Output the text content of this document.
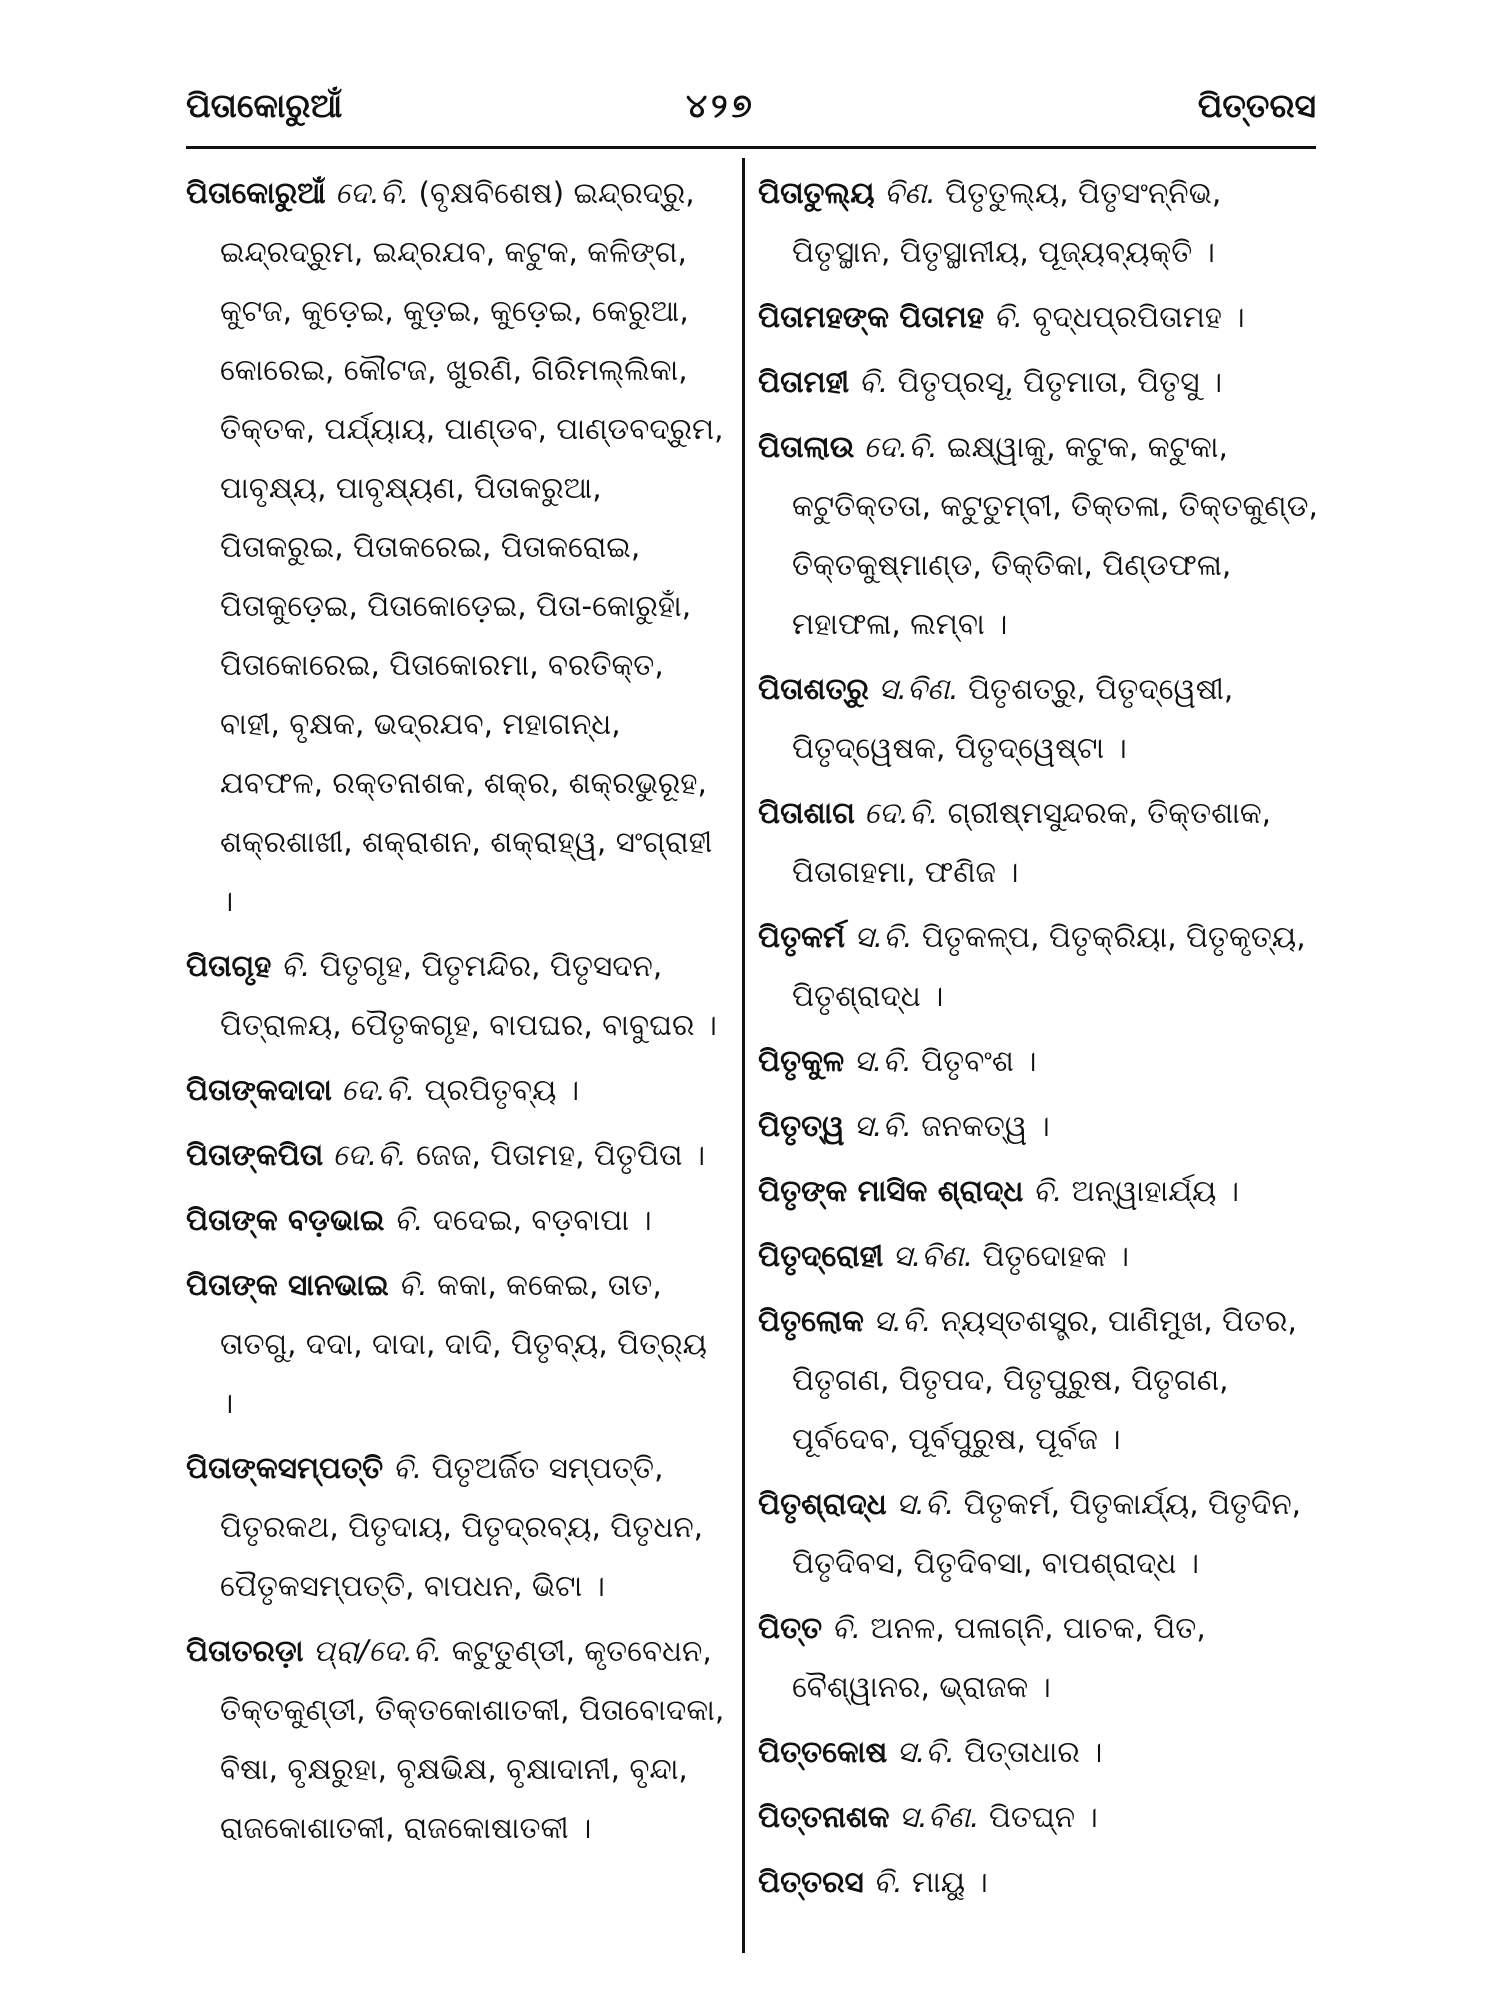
ପିତାକୋରୁଆଁ	୪୨୭	ପିତ୍ତରସ
ପିତାକୋରୁଆଁ ଦେ.ବି. (ବୃକ୍ଷବିଶେଷ) ଇନ୍ଦ୍ରଦ୍ରୁ, ଇନ୍ଦ୍ରଦ୍ରୁମ, ଇନ୍ଦ୍ରଯବ, କଟୁକ, କଳିଙ୍ଗ, କୁଟଜ, କୁଡ଼େଇ, କୁଡ଼ଇ, କୁଡ଼େଇ, କେରୁଆ, କୋରେଇ, କୌଟଜ, ଖୁରଣି, ଗିରିମଲ୍ଲିକା, ତିକ୍ତକ, ପର୍ଯ୍ୟାୟ, ପାଣ୍ଡବ, ପାଣ୍ଡବଦ୍ରୁମ, ପାବୃକ୍ଷ୍ୟ, ପାବୃକ୍ଷ୍ୟଣ, ପିତାକରୁଆ, ପିତାକରୁଇ, ପିତାକରେଇ, ପିତାକରୋଇ, ପିତାକୁଡ଼େଇ, ପିତାକୋଡ଼େଇ, ପିତା-କୋରୁହାଁ, ପିତାକୋରେଇ, ପିତାକୋରମା, ବରତିକ୍ତ, ବାହୀ, ବୃକ୍ଷକ, ଭଦ୍ରଯବ, ମହାଗନ୍ଧ, ଯବଫଳ, ରକ୍ତନାଶକ, ଶକ୍ର, ଶକ୍ରଭୁରୂହ, ଶକ୍ରଶାଖୀ, ଶକ୍ରାଶନ, ଶକ୍ରାହ୍ୱ, ସଂଗ୍ରାହୀ ।
ପିତାଗୃହ ବି. ପିତୃଗୃହ, ପିତୃମନ୍ଦିର, ପିତୃସଦନ, ପିତ୍ରାଳୟ, ପୈତୃକଗୃହ, ବାପଘର, ବାବୁଘର ।
ପିତାଙ୍କଦାଦା ଦେ.ବି. ପ୍ରପିତୃବ୍ୟ ।
ପିତାଙ୍କପିତା ଦେ.ବି. ଜେଜ, ପିତାମହ, ପିତୃପିତା ।
ପିତାଙ୍କ ବଡ଼ଭାଇ ବି. ଦଦେଇ, ବଡ଼ବାପା ।
ପିତାଙ୍କ ସାନଭାଇ ବି. କକା, କକେଇ, ତାତ, ତାତଗୁ, ଦଦା, ଦାଦା, ଦାଦି, ପିତୃବ୍ୟ, ପିତ୍ର୍ୟ ।
ପିତାଙ୍କସମ୍ପତ୍ତି ବି. ପିତୃଅର୍ଜିତ ସମ୍ପତ୍ତି, ପିତୃରକଥ, ପିତୃଦାୟ, ପିତୃଦ୍ରବ୍ୟ, ପିତୃଧନ, ପୈତୃକସମ୍ପତ୍ତି, ବାପଧନ, ଭିଟା ।
ପିତାତରଡ଼ା ପ୍ରା/ଦେ.ବି. କଟୁତୁଣ୍ଡୀ, କୃତବେଧନ, ତିକ୍ତକୁଣ୍ଡୀ, ତିକ୍ତକୋଶାତକୀ, ପିତାବୋଦକା, ବିଷା, ବୃକ୍ଷରୁହା, ବୃକ୍ଷଭିକ୍ଷ, ବୃକ୍ଷାଦାନୀ, ବୃନ୍ଦା, ରାଜକୋଶାତକୀ, ରାଜକୋଷାତକୀ ।
ପିତାତୁଲ୍ୟ ବିଣ. ପିତୃତୁଲ୍ୟ, ପିତୃସଂନ୍ନିଭ, ପିତୃସ୍ଥାନ, ପିତୃସ୍ଥାନୀୟ, ପୂଜ୍ୟବ୍ୟକ୍ତି ।
ପିତାମହଙ୍କ ପିତାମହ ବି. ବୃଦ୍ଧପ୍ରପିତାମହ ।
ପିତାମହୀ ବି. ପିତୃପ୍ରସୂ, ପିତୃମାତା, ପିତୃସୁ ।
ପିତାଲାଉ ଦେ.ବି. ଇକ୍ଷ୍ୱାକୁ, କଟୁକ, କଟୁକା, କଟୁତିକ୍ତତା, କଟୁତୁମ୍ବୀ, ତିକ୍ତଳା, ତିକ୍ତକୁଣ୍ଡ, ତିକ୍ତକୁଷ୍ମାଣ୍ଡ, ତିକ୍ତିକା, ପିଣ୍ଡଫଳା, ମହାଫଳା, ଲମ୍ବା ।
ପିତାଶତ୍ରୁ ସ.ବିଣ. ପିତୃଶତ୍ରୁ, ପିତୃଦ୍ୱେଷୀ, ପିତୃଦ୍ୱେଷକ, ପିତୃଦ୍ୱେଷ୍ଟା ।
ପିତାଶାଗ ଦେ.ବି. ଗ୍ରୀଷ୍ମସୁନ୍ଦରକ, ତିକ୍ତଶାକ, ପିତାଗହମା, ଫଣିଜ ।
ପିତୃକର୍ମ ସ.ବି. ପିତୃକଳ୍ପ, ପିତୃକ୍ରିୟା, ପିତୃକୃତ୍ୟ, ପିତୃଶ୍ରାଦ୍ଧ ।
ପିତୃକୁଳ ସ.ବି. ପିତୃବଂଶ ।
ପିତୃତ୍ୱ ସ.ବି. ଜନକତ୍ୱ ।
ପିତୃଙ୍କ ମାସିକ ଶ୍ରାଦ୍ଧ ବି. ଅନ୍ୱାହାର୍ଯ୍ୟ ।
ପିତୃଦ୍ରୋହୀ ସ.ବିଣ. ପିତୃଦୋହକ ।
ପିତୃଲୋକ ସ.ବି. ନ୍ୟସ୍ତଶସ୍ତ୍ର, ପାଣିମୁଖ, ପିତର, ପିତୃଗଣ, ପିତୃପଦ, ପିତୃପୁରୁଷ, ପିତୃଗଣ, ପୂର୍ବଦେବ, ପୂର୍ବପୁରୁଷ, ପୂର୍ବଜ ।
ପିତୃଶ୍ରାଦ୍ଧ ସ.ବି. ପିତୃକର୍ମ, ପିତୃକାର୍ଯ୍ୟ, ପିତୃଦିନ, ପିତୃଦିବସ, ପିତୃଦିବସା, ବାପଶ୍ରାଦ୍ଧ ।
ପିତ୍ତ ବି. ଅନଳ, ପଳାଗ୍ନି, ପାଚକ, ପିତ, ବୈଶ୍ୱାନର, ଭ୍ରାଜକ ।
ପିତ୍ତକୋଷ ସ.ବି. ପିତ୍ତାଧାର ।
ପିତ୍ତନାଶକ ସ.ବିଣ. ପିତଘ୍ନ ।
ପିତ୍ତରସ ବି. ମାୟୁ ।
